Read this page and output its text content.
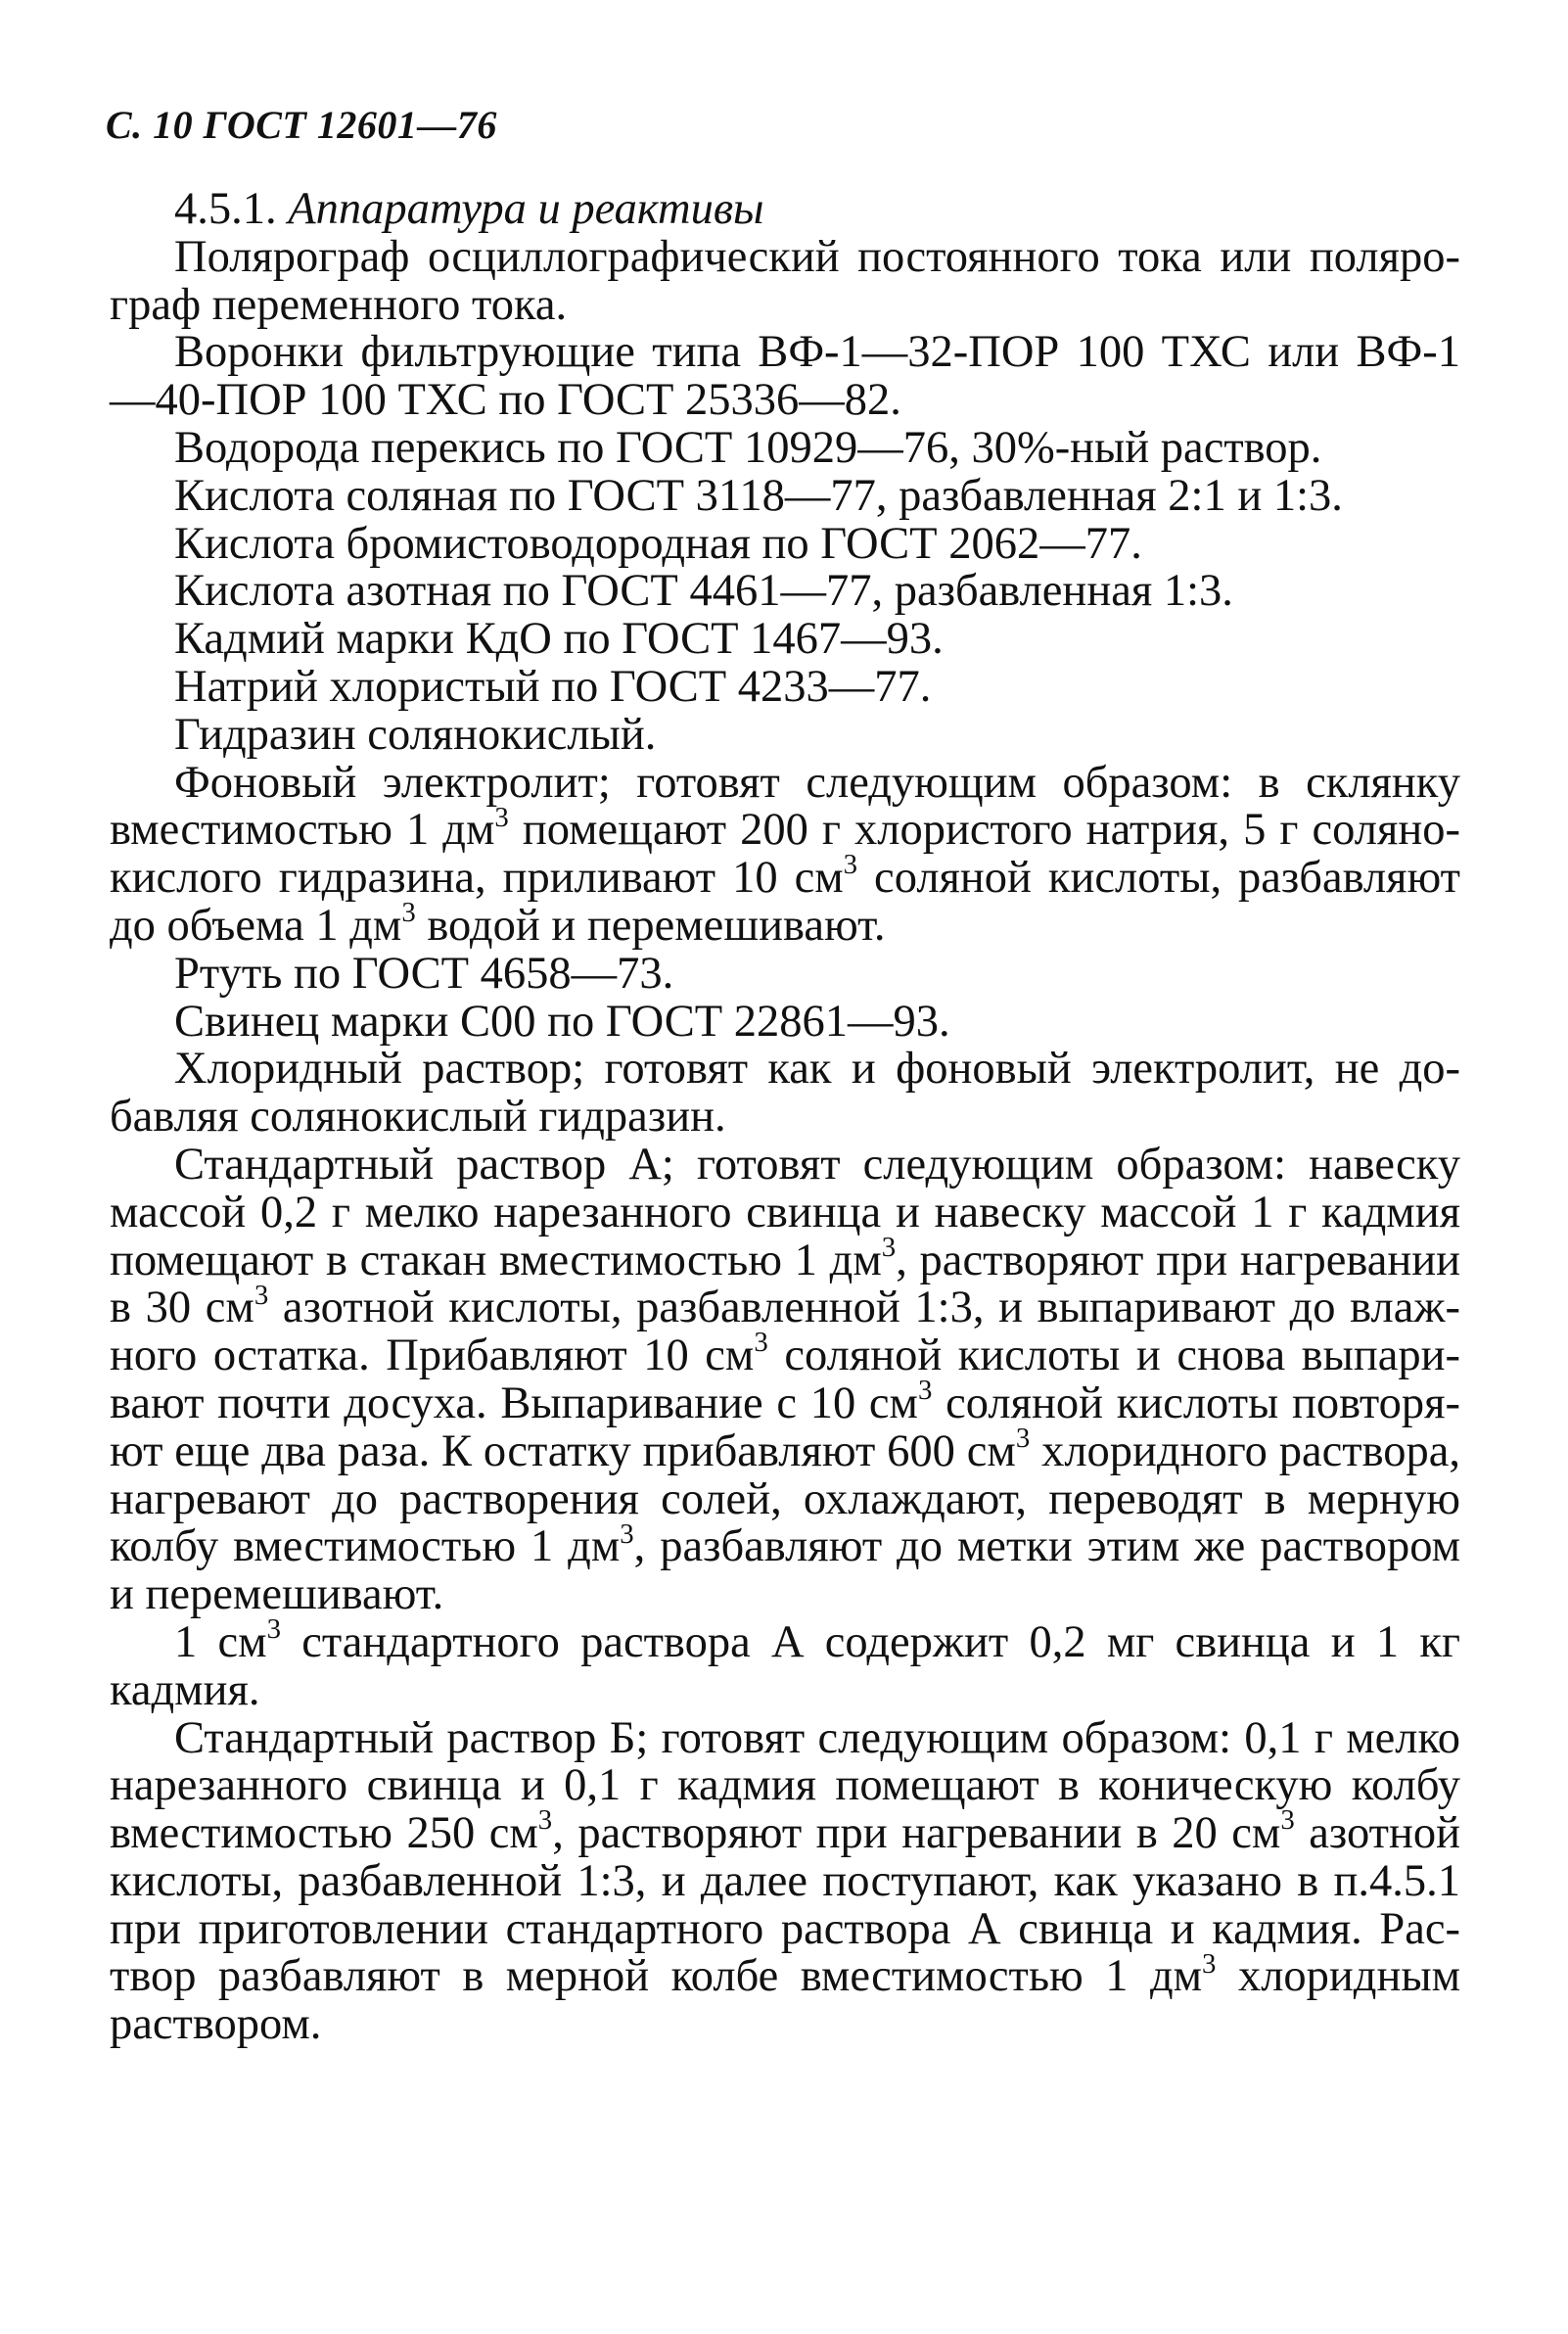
С. 10 ГОСТ 12601—76

4.5.1. Аппаратура и реактивы

Полярограф осциллографический постоянного тока или полярограф переменного тока.

Воронки фильтрующие типа ВФ-1—32-ПОР 100 ТХС или ВФ-1—40-ПОР 100 ТХС по ГОСТ 25336—82.

Водорода перекись по ГОСТ 10929—76, 30%-ный раствор.

Кислота соляная по ГОСТ 3118—77, разбавленная 2:1 и 1:3.

Кислота бромистоводородная по ГОСТ 2062—77.

Кислота азотная по ГОСТ 4461—77, разбавленная 1:3.

Кадмий марки КдО по ГОСТ 1467—93.

Натрий хлористый по ГОСТ 4233—77.

Гидразин солянокислый.

Фоновый электролит; готовят следующим образом: в склянку вместимостью 1 $дм^3$ помещают 200 г хлористого натрия, 5 г солянокислого гидразина, приливают 10 $см^3$ соляной кислоты, разбавляют до объема 1 $дм^3$ водой и перемешивают.

Ртуть по ГОСТ 4658—73.

Свинец марки С00 по ГОСТ 22861—93.

Хлоридный раствор; готовят как и фоновый электролит, не добавляя солянокислый гидразин.

Стандартный раствор А; готовят следующим образом: навеску массой 0,2 г мелко нарезанного свинца и навеску массой 1 г кадмия помещают в стакан вместимостью 1 $дм^3$, растворяют при нагревании в 30 $см^3$ азотной кислоты, разбавленной 1:3, и выпаривают до влажного остатка. Прибавляют 10 $см^3$ соляной кислоты и снова выпаривают почти досуха. Выпаривание с 10 $см^3$ соляной кислоты повторяют еще два раза. К остатку прибавляют 600 $см^3$ хлоридного раствора, нагревают до растворения солей, охлаждают, переводят в мерную колбу вместимостью 1 $дм^3$, разбавляют до метки этим же раствором и перемешивают.

1 $см^3$ стандартного раствора А содержит 0,2 мг свинца и 1 кг кадмия.

Стандартный раствор Б; готовят следующим образом: 0,1 г мелко нарезанного свинца и 0,1 г кадмия помещают в коническую колбу вместимостью 250 $см^3$, растворяют при нагревании в 20 $см^3$ азотной кислоты, разбавленной 1:3, и далее поступают, как указано в п.4.5.1 при приготовлении стандартного раствора А свинца и кадмия. Раствор разбавляют в мерной колбе вместимостью 1 $дм^3$ хлоридным раствором.
